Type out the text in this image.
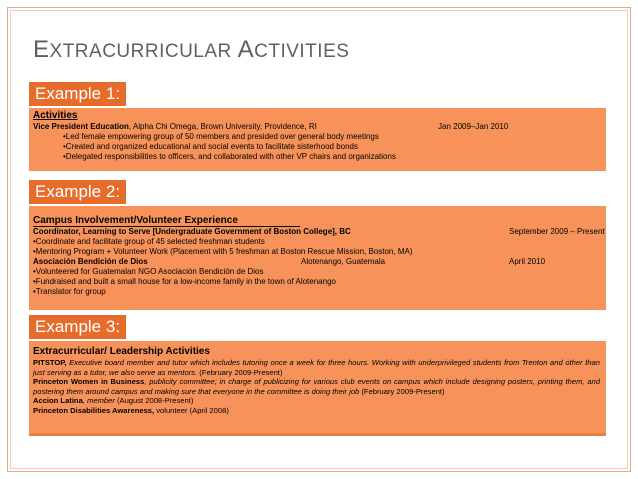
EXTRACURRICULAR ACTIVITIES
Example 1:
Activities
Vice President Education, Alpha Chi Omega, Brown University, Providence, RI	Jan 2009–Jan 2010
•Led female empowering group of 50 members and presided over general body meetings
•Created and organized educational and social events to facilitate sisterhood bonds
•Delegated responsibilities to officers, and collaborated with other VP chairs and organizations
Example 2:
Campus Involvement/Volunteer Experience
Coordinator, Learning to Serve [Undergraduate Government of Boston College], BC	September 2009 – Present
•Coordinate and facilitate group of 45 selected freshman students
•Mentoring Program + Volunteer Work (Placement with 5 freshman at Boston Rescue Mission, Boston, MA)
Asociación Bendición de Dios	Alotenango, Guatemala	April 2010
•Volunteered for Guatemalan NGO Asociación Bendición de Dios
•Fundraised and built a small house for a low-income family in the town of Alotenango
•Translator for group
Example 3:
Extracurricular/ Leadership Activities
PITSTOP, Executive board member and tutor which includes tutoring once a week for three hours. Working with underprivileged students from Trenton and other than just serving as a tutor, we also serve as mentors. (February 2009-Present)
Princeton Women in Business, publicity committee; in charge of publicizing for various club events on campus which include designing posters, printing them, and postering them around campus and making sure that everyone in the committee is doing their job (February 2009-Present)
Accion Latina, member (August 2008-Present)
Princeton Disabilities Awareness, volunteer (April 2008)
